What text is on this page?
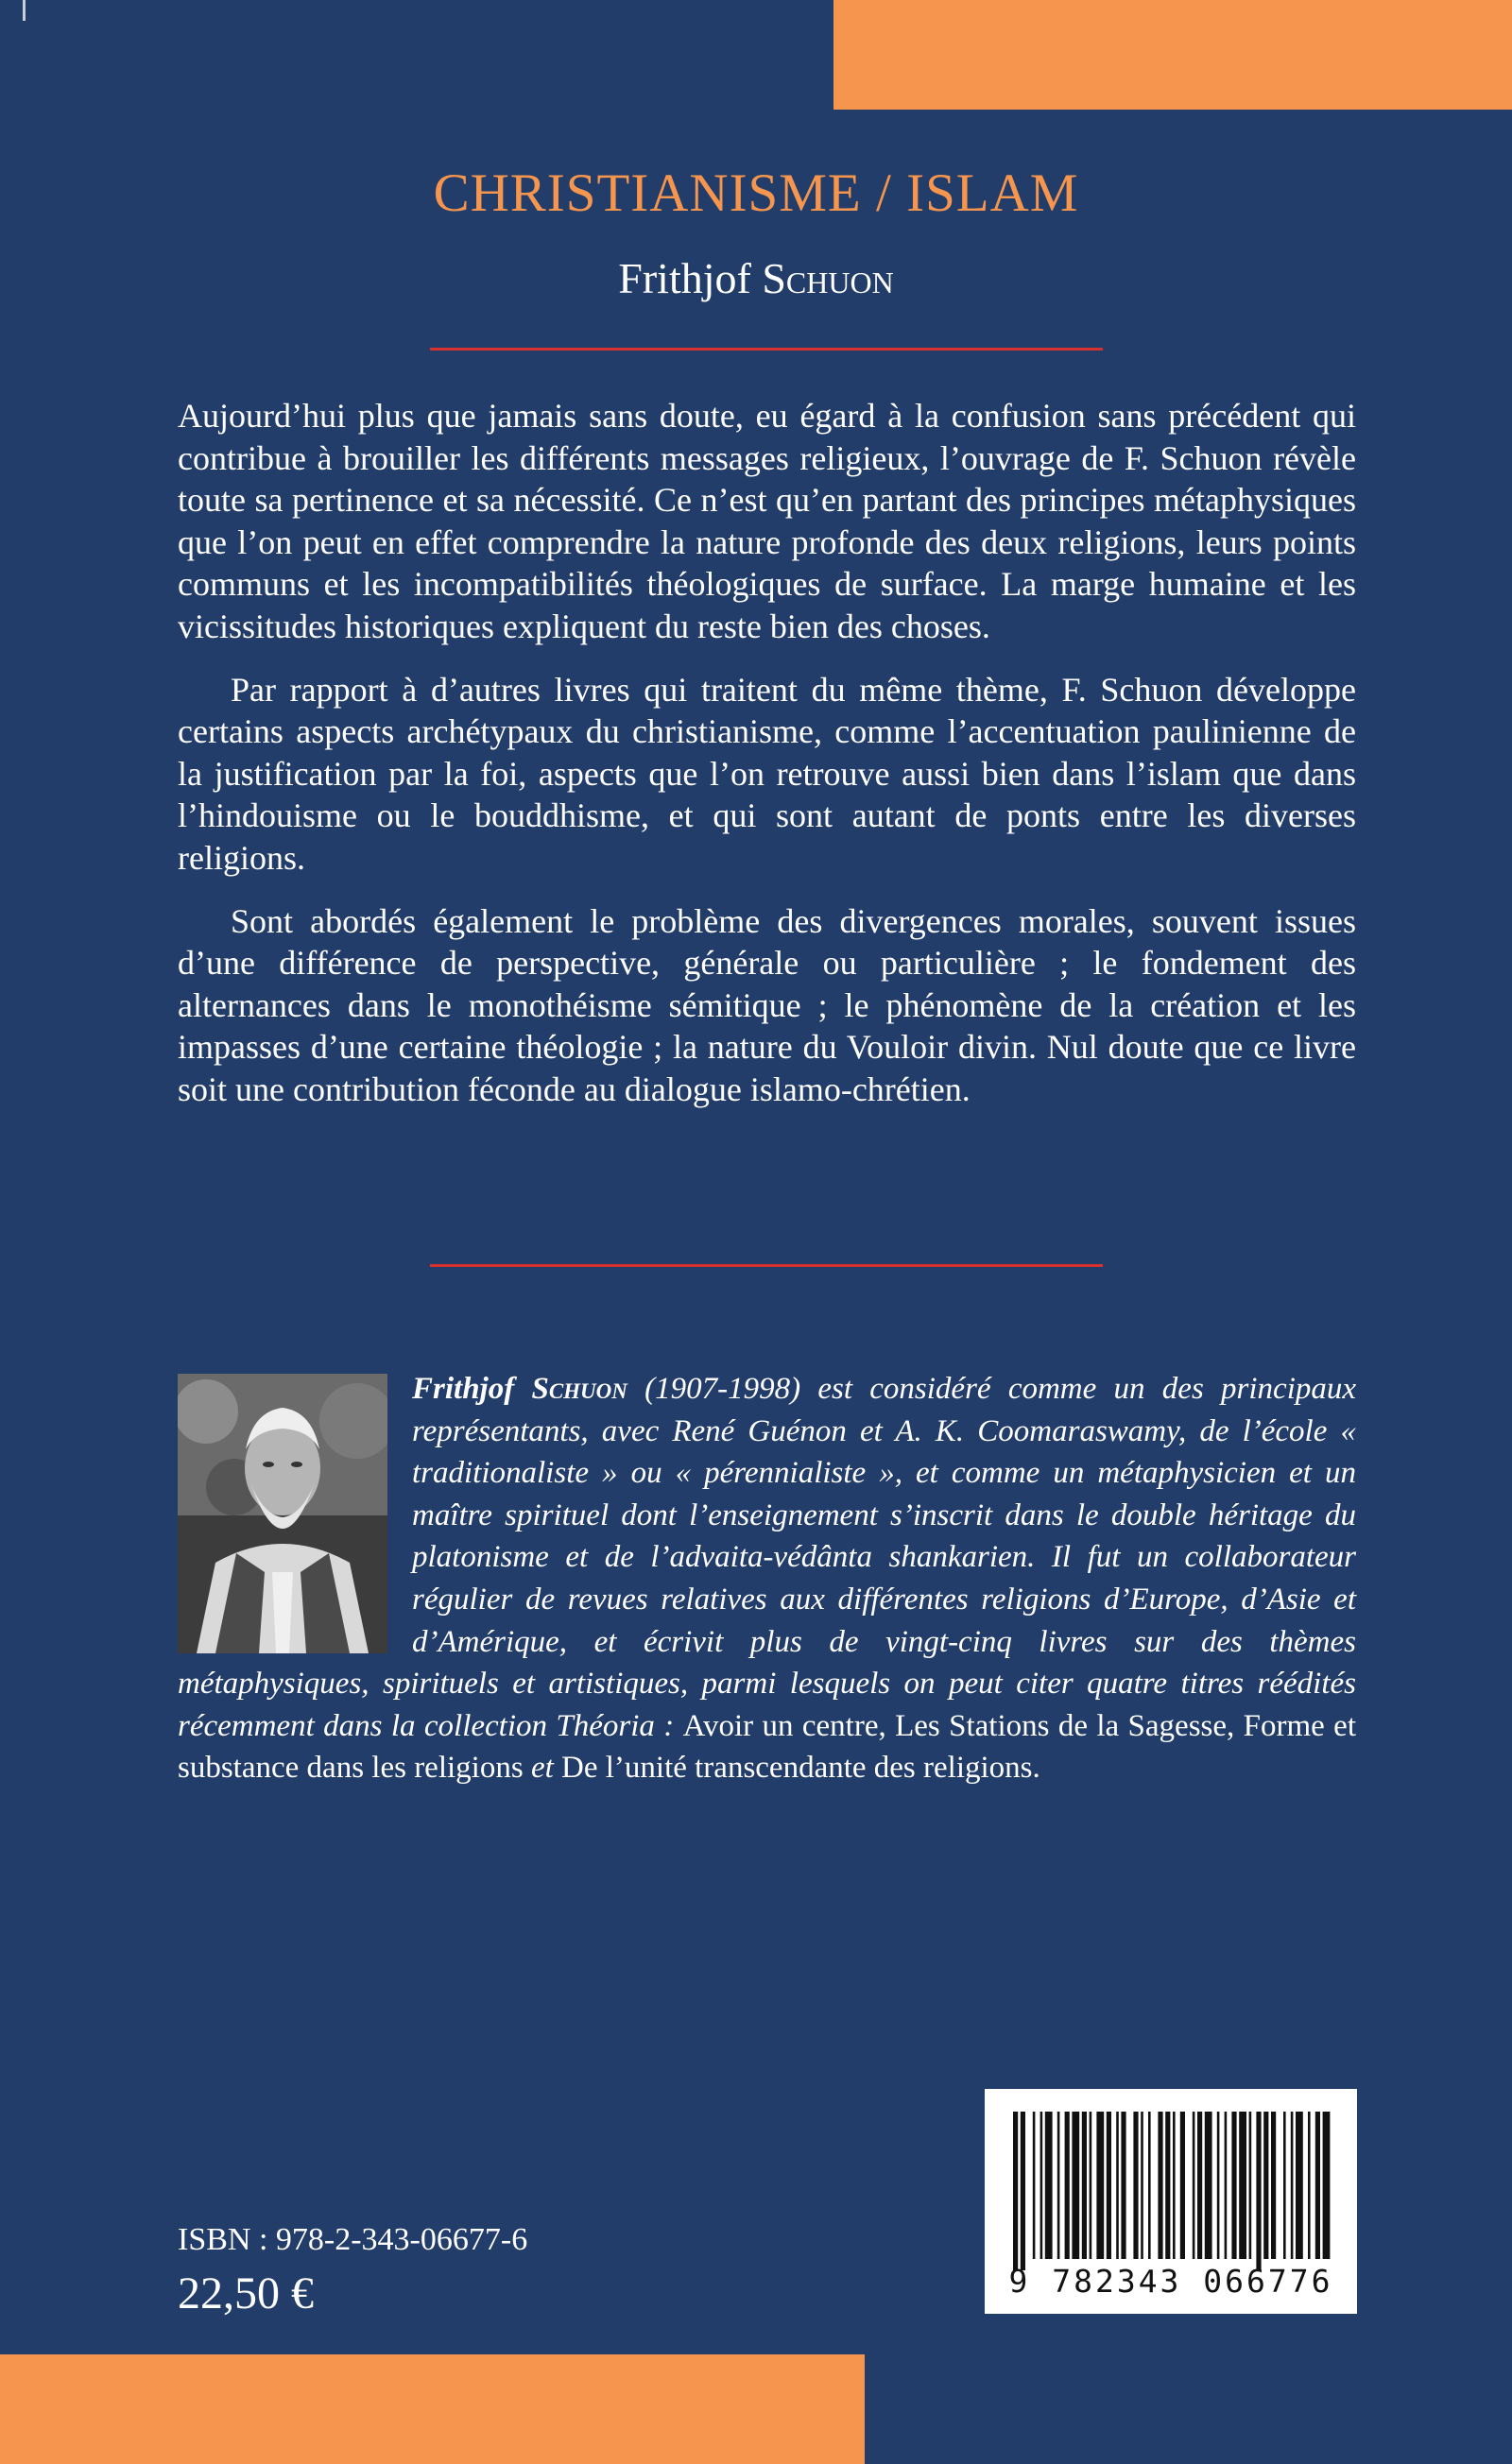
CHRISTIANISME / ISLAM
Frithjof Schuon

Aujourd’hui plus que jamais sans doute, eu égard à la confusion sans précédent qui contribue à brouiller les différents messages religieux, l’ouvrage de F. Schuon révèle toute sa pertinence et sa nécessité. Ce n’est qu’en partant des principes métaphysiques que l’on peut en effet comprendre la nature profonde des deux religions, leurs points communs et les incompatibilités théologiques de surface. La marge humaine et les vicissitudes historiques expliquent du reste bien des choses.

Par rapport à d’autres livres qui traitent du même thème, F. Schuon développe certains aspects archétypaux du christianisme, comme l’accentuation paulinienne de la justification par la foi, aspects que l’on retrouve aussi bien dans l’islam que dans l’hindouisme ou le bouddhisme, et qui sont autant de ponts entre les diverses religions.

Sont abordés également le problème des divergences morales, souvent issues d’une différence de perspective, générale ou particulière ; le fondement des alternances dans le monothéisme sémitique ; le phénomène de la création et les impasses d’une certaine théologie ; la nature du Vouloir divin. Nul doute que ce livre soit une contribution féconde au dialogue islamo-chrétien.

Frithjof Schuon (1907-1998) est considéré comme un des principaux représentants, avec René Guénon et A. K. Coomaraswamy, de l’école « traditionaliste » ou « pérennialiste », et comme un métaphysicien et un maître spirituel dont l’enseignement s’inscrit dans le double héritage du platonisme et de l’advaita-védânta shankarien. Il fut un collaborateur régulier de revues relatives aux différentes religions d’Europe, d’Asie et d’Amérique, et écrivit plus de vingt-cinq livres sur des thèmes métaphysiques, spirituels et artistiques, parmi lesquels on peut citer quatre titres réédités récemment dans la collection Théoria : Avoir un centre, Les Stations de la Sagesse, Forme et substance dans les religions et De l’unité transcendante des religions.

9 782343 066776

ISBN : 978-2-343-06677-6

22,50 €
